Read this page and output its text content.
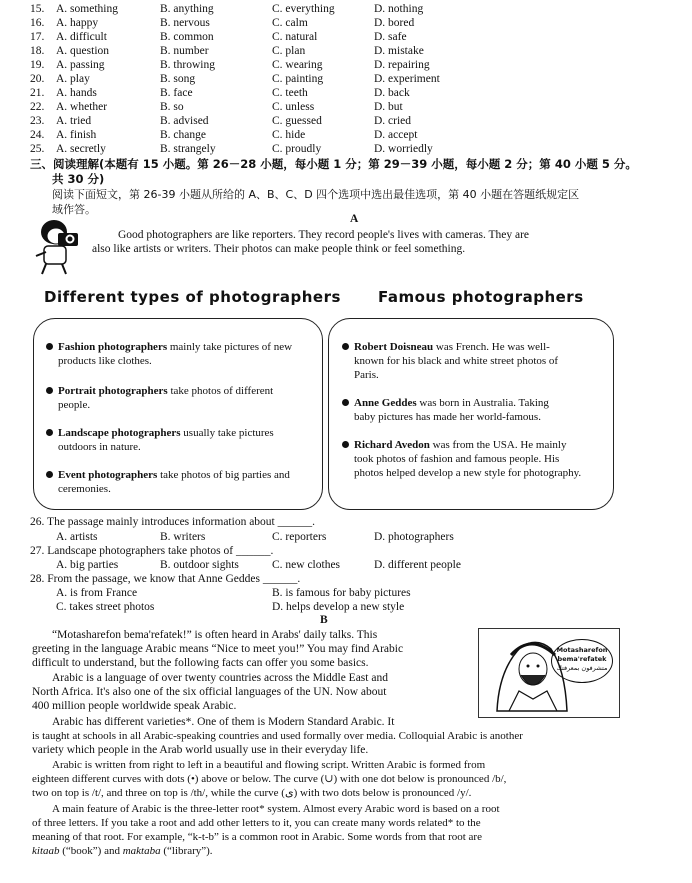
15. A. something	B. anything	C. everything	D. nothing
16. A. happy	B. nervous	C. calm	D. bored
17. A. difficult	B. common	C. natural	D. safe
18. A. question	B. number	C. plan	D. mistake
19. A. passing	B. throwing	C. wearing	D. repairing
20. A. play	B. song	C. painting	D. experiment
21. A. hands	B. face	C. teeth	D. back
22. A. whether	B. so	C. unless	D. but
23. A. tried	B. advised	C. guessed	D. cried
24. A. finish	B. change	C. hide	D. accept
25. A. secretly	B. strangely	C. proudly	D. worriedly
三、阅读理解(本题有 15 小题。第 26－28 小题，每小题 1 分；第 29－39 小题，每小题 2 分；第 40 小题 5 分。
共 30 分)
阅读下面短文，第 26-39 小题从所给的 A、B、C、D 四个选项中选出最佳选项，第 40 小题在答题纸规定区
域作答。
A
Good photographers are like reporters. They record people's lives with cameras. They are
also like artists or writers. Their photos can make people think or feel something.
Different types of photographers Famous photographers
Fashion photographers mainly take pictures of new
products like clothes.
Portrait photographers take photos of different
people.
Landscape photographers usually take pictures
outdoors in nature.
Event photographers take photos of big parties and
ceremonies.
Robert Doisneau was French. He was well-
known for his black and white street photos of
Paris.
Anne Geddes was born in Australia. Taking
baby pictures has made her world-famous.
Richard Avedon was from the USA. He mainly
took photos of fashion and famous people. His
photos helped develop a new style for photography.
26. The passage mainly introduces information about ______.
A. artists	B. writers	C. reporters	D. photographers
27. Landscape photographers take photos of ______.
A. big parties	B. outdoor sights	C. new clothes	D. different people
28. From the passage, we know that Anne Geddes ______.
A. is from France	B. is famous for baby pictures
C. takes street photos	D. helps develop a new style
B
Motasharefon
bema'refatek
متشرفون بمعرفتك
“Motasharefon bema'refatek!” is often heard in Arabs' daily talks. This
greeting in the language Arabic means “Nice to meet you!” You may find Arabic
difficult to understand, but the following facts can offer you some basics.
Arabic is a language of over twenty countries across the Middle East and
North Africa. It's also one of the six official languages of the UN. Now about
400 million people worldwide speak Arabic.
Arabic has different varieties*. One of them is Modern Standard Arabic. It
is taught at schools in all Arabic-speaking countries and used formally over media. Colloquial Arabic is another
variety which people in the Arab world usually use in their everyday life.
Arabic is written from right to left in a beautiful and flowing script. Written Arabic is formed from
eighteen different curves with dots (•) above or below. The curve (∪) with one dot below is pronounced /b/,
two on top is /t/, and three on top is /th/, while the curve (ى) with two dots below is pronounced /y/.
A main feature of Arabic is the three-letter root* system. Almost every Arabic word is based on a root
of three letters. If you take a root and add other letters to it, you can create many words related* to the
meaning of that root. For example, “k-t-b” is a common root in Arabic. Some words from that root are
kitaab (“book”) and maktaba (“library”).
